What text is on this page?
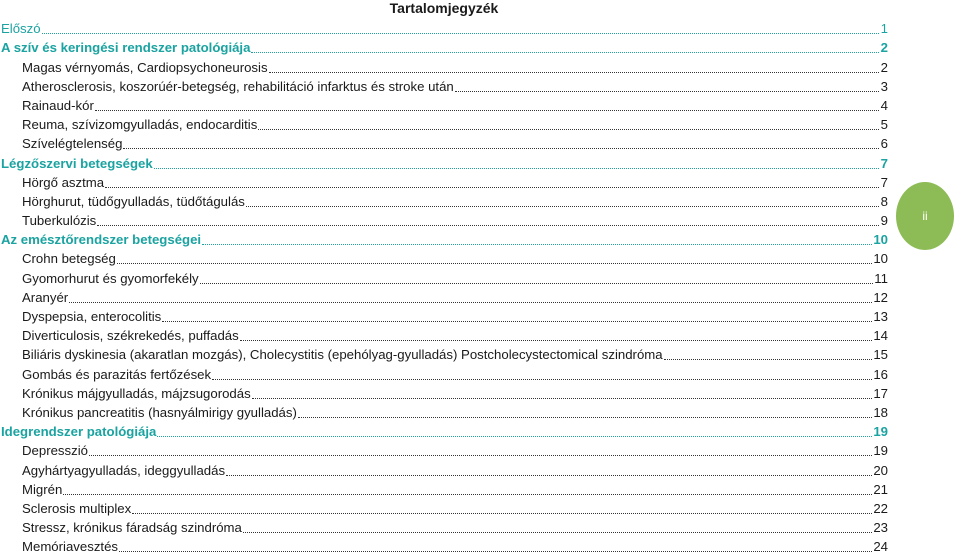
Tartalomjegyzék
Előszó	1
A szív és keringési rendszer patológiája	2
Magas vérnyomás, Cardiopsychoneurosis	2
Atherosclerosis, koszorúér-betegség, rehabilitáció infarktus és stroke után	3
Rainaud-kór	4
Reuma, szívizomgyulladás, endocarditis	5
Szívelégtelenség	6
Légzőszervi betegségek	7
Hörgő asztma	7
Hörghurut, tüdőgyulladás, tüdőtágulás	8
Tuberkulózis	9
Az emésztőrendszer betegségei	10
Crohn betegség	10
Gyomorhurut és gyomorfekély	11
Aranyér	12
Dyspepsia, enterocolitis	13
Diverticulosis, székrekedés, puffadás	14
Biliáris dyskinesia (akaratlan mozgás), Cholecystitis (epehólyag-gyulladás) Postcholecystectomical szindróma	15
Gombás és parazitás fertőzések	16
Krónikus májgyulladás, májzsugorodás	17
Krónikus pancreatitis (hasnyálmirigy gyulladás)	18
Idegrendszer patológiája	19
Depresszió	19
Agyhártyagyulladás, ideggyulladás	20
Migrén	21
Sclerosis multiplex	22
Stressz, krónikus fáradság szindróma	23
Memóriavesztés	24
ii
